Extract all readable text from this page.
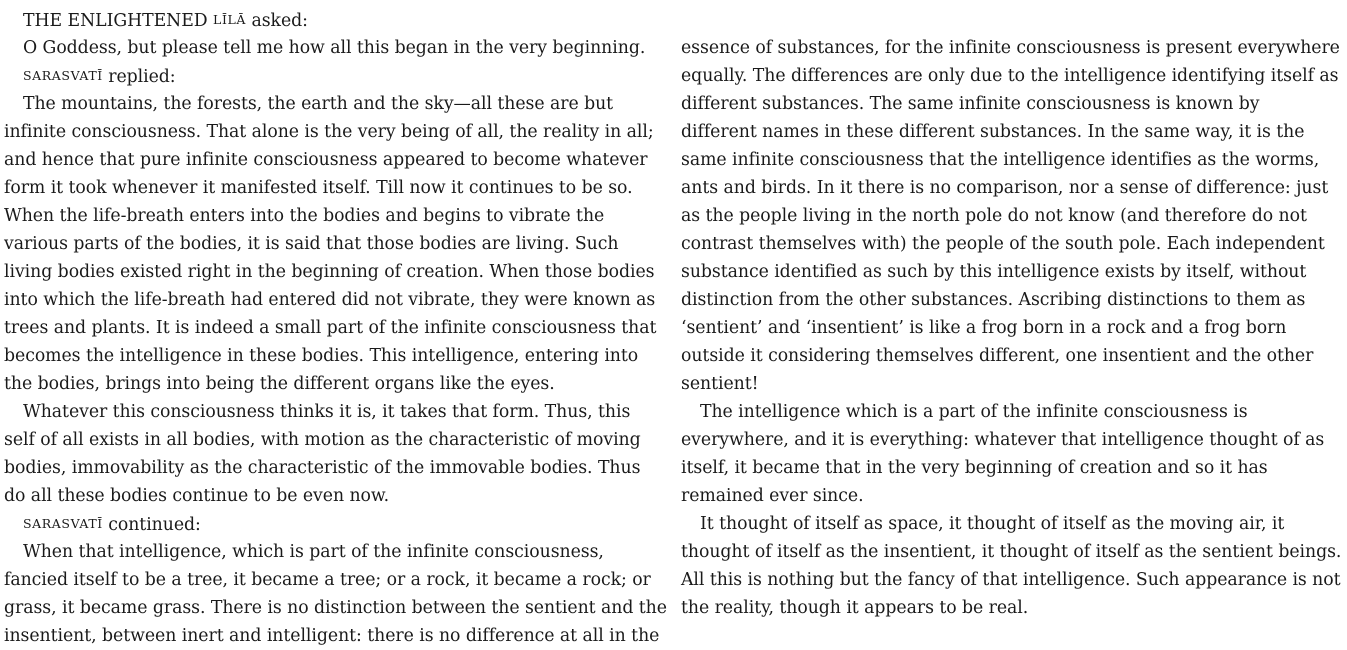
THE ENLIGHTENED LĪLĀ asked:
O Goddess, but please tell me how all this began in the very beginning.
SARASVATĪ replied:
The mountains, the forests, the earth and the sky—all these are but
infinite consciousness. That alone is the very being of all, the reality in all;
and hence that pure infinite consciousness appeared to become whatever
form it took whenever it manifested itself. Till now it continues to be so.
When the life-breath enters into the bodies and begins to vibrate the
various parts of the bodies, it is said that those bodies are living. Such
living bodies existed right in the beginning of creation. When those bodies
into which the life-breath had entered did not vibrate, they were known as
trees and plants. It is indeed a small part of the infinite consciousness that
becomes the intelligence in these bodies. This intelligence, entering into
the bodies, brings into being the different organs like the eyes.
Whatever this consciousness thinks it is, it takes that form. Thus, this
self of all exists in all bodies, with motion as the characteristic of moving
bodies, immovability as the characteristic of the immovable bodies. Thus
do all these bodies continue to be even now.
SARASVATĪ continued:
When that intelligence, which is part of the infinite consciousness,
fancied itself to be a tree, it became a tree; or a rock, it became a rock; or
grass, it became grass. There is no distinction between the sentient and the
insentient, between inert and intelligent: there is no difference at all in the
essence of substances, for the infinite consciousness is present everywhere
equally. The differences are only due to the intelligence identifying itself as
different substances. The same infinite consciousness is known by
different names in these different substances. In the same way, it is the
same infinite consciousness that the intelligence identifies as the worms,
ants and birds. In it there is no comparison, nor a sense of difference: just
as the people living in the north pole do not know (and therefore do not
contrast themselves with) the people of the south pole. Each independent
substance identified as such by this intelligence exists by itself, without
distinction from the other substances. Ascribing distinctions to them as
‘sentient’ and ‘insentient’ is like a frog born in a rock and a frog born
outside it considering themselves different, one insentient and the other
sentient!
The intelligence which is a part of the infinite consciousness is
everywhere, and it is everything: whatever that intelligence thought of as
itself, it became that in the very beginning of creation and so it has
remained ever since.
It thought of itself as space, it thought of itself as the moving air, it
thought of itself as the insentient, it thought of itself as the sentient beings.
All this is nothing but the fancy of that intelligence. Such appearance is not
the reality, though it appears to be real.
